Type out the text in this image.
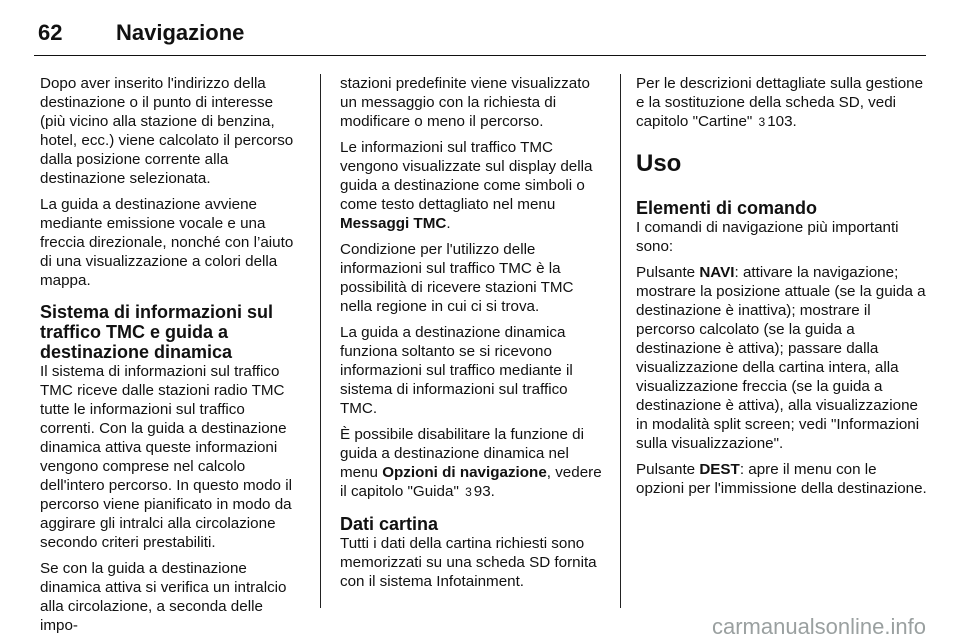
62 Navigazione

Dopo aver inserito l'indirizzo della destinazione o il punto di interesse (più vicino alla stazione di benzina, hotel, ecc.) viene calcolato il percorso dalla posizione corrente alla destinazione selezionata.

La guida a destinazione avviene mediante emissione vocale e una freccia direzionale, nonché con l’aiuto di una visualizzazione a colori della mappa.

Sistema di informazioni sul traffico TMC e guida a destinazione dinamica

Il sistema di informazioni sul traffico TMC riceve dalle stazioni radio TMC tutte le informazioni sul traffico correnti. Con la guida a destinazione dinamica attiva queste informazioni vengono comprese nel calcolo dell'intero percorso. In questo modo il percorso viene pianificato in modo da aggirare gli intralci alla circolazione secondo criteri prestabiliti.

Se con la guida a destinazione dinamica attiva si verifica un intralcio alla circolazione, a seconda delle impo-

stazioni predefinite viene visualizzato un messaggio con la richiesta di modificare o meno il percorso.

Le informazioni sul traffico TMC vengono visualizzate sul display della guida a destinazione come simboli o come testo dettagliato nel menu Messaggi TMC.

Condizione per l'utilizzo delle informazioni sul traffico TMC è la possibilità di ricevere stazioni TMC nella regione in cui ci si trova.

La guida a destinazione dinamica funziona soltanto se si ricevono informazioni sul traffico mediante il sistema di informazioni sul traffico TMC.

È possibile disabilitare la funzione di guida a destinazione dinamica nel menu Opzioni di navigazione, vedere il capitolo "Guida" 3 93.

Dati cartina

Tutti i dati della cartina richiesti sono memorizzati su una scheda SD fornita con il sistema Infotainment.

Per le descrizioni dettagliate sulla gestione e la sostituzione della scheda SD, vedi capitolo "Cartine" 3 103.

Uso
Elementi di comando

I comandi di navigazione più importanti sono:

Pulsante NAVI: attivare la navigazione; mostrare la posizione attuale (se la guida a destinazione è inattiva); mostrare il percorso calcolato (se la guida a destinazione è attiva); passare dalla visualizzazione della cartina intera, alla visualizzazione freccia (se la guida a destinazione è attiva), alla visualizzazione in modalità split screen; vedi "Informazioni sulla visualizzazione".

Pulsante DEST: apre il menu con le opzioni per l'immissione della destinazione.

carmanualsonline.info
